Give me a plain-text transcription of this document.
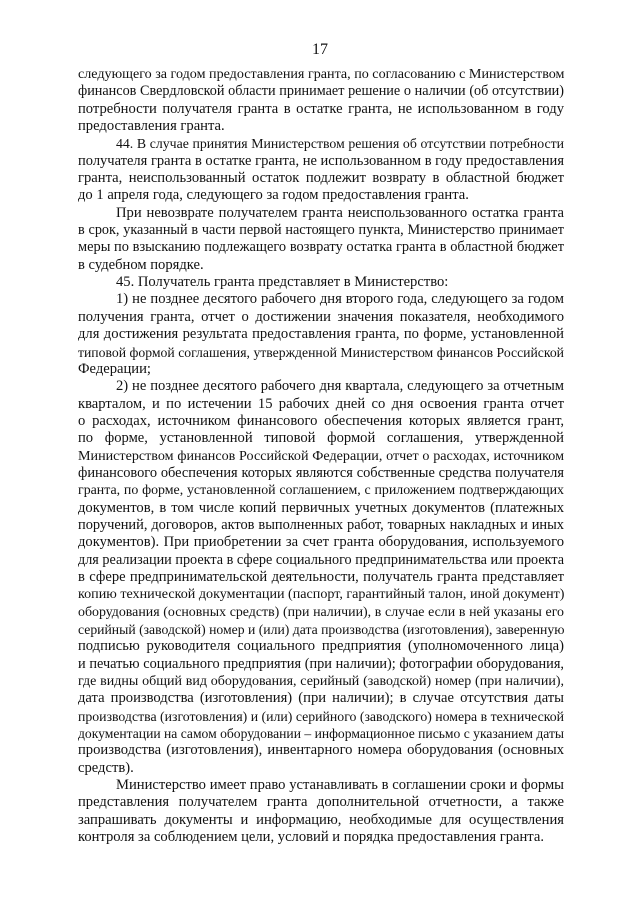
17
следующего за годом предоставления гранта, по согласованию с Министерством
финансов Свердловской области принимает решение о наличии (об отсутствии)
потребности получателя гранта в остатке гранта, не использованном в году
предоставления гранта.
44. В случае принятия Министерством решения об отсутствии потребности
получателя гранта в остатке гранта, не использованном в году предоставления
гранта, неиспользованный остаток подлежит возврату в областной бюджет
до 1 апреля года, следующего за годом предоставления гранта.
При невозврате получателем гранта неиспользованного остатка гранта
в срок, указанный в части первой настоящего пункта, Министерство принимает
меры по взысканию подлежащего возврату остатка гранта в областной бюджет
в судебном порядке.
45. Получатель гранта представляет в Министерство:
1) не позднее десятого рабочего дня второго года, следующего за годом
получения гранта, отчет о достижении значения показателя, необходимого
для достижения результата предоставления гранта, по форме, установленной
типовой формой соглашения, утвержденной Министерством финансов Российской
Федерации;
2) не позднее десятого рабочего дня квартала, следующего за отчетным
кварталом, и по истечении 15 рабочих дней со дня освоения гранта отчет
о расходах, источником финансового обеспечения которых является грант,
по форме, установленной типовой формой соглашения, утвержденной
Министерством финансов Российской Федерации, отчет о расходах, источником
финансового обеспечения которых являются собственные средства получателя
гранта, по форме, установленной соглашением, с приложением подтверждающих
документов, в том числе копий первичных учетных документов (платежных
поручений, договоров, актов выполненных работ, товарных накладных и иных
документов). При приобретении за счет гранта оборудования, используемого
для реализации проекта в сфере социального предпринимательства или проекта
в сфере предпринимательской деятельности, получатель гранта представляет
копию технической документации (паспорт, гарантийный талон, иной документ)
оборудования (основных средств) (при наличии), в случае если в ней указаны его
серийный (заводской) номер и (или) дата производства (изготовления), заверенную
подписью руководителя социального предприятия (уполномоченного лица)
и печатью социального предприятия (при наличии); фотографии оборудования,
где видны общий вид оборудования, серийный (заводской) номер (при наличии),
дата производства (изготовления) (при наличии); в случае отсутствия даты
производства (изготовления) и (или) серийного (заводского) номера в технической
документации на самом оборудовании – информационное письмо с указанием даты
производства (изготовления), инвентарного номера оборудования (основных
средств).
Министерство имеет право устанавливать в соглашении сроки и формы
представления получателем гранта дополнительной отчетности, а также
запрашивать документы и информацию, необходимые для осуществления
контроля за соблюдением цели, условий и порядка предоставления гранта.
